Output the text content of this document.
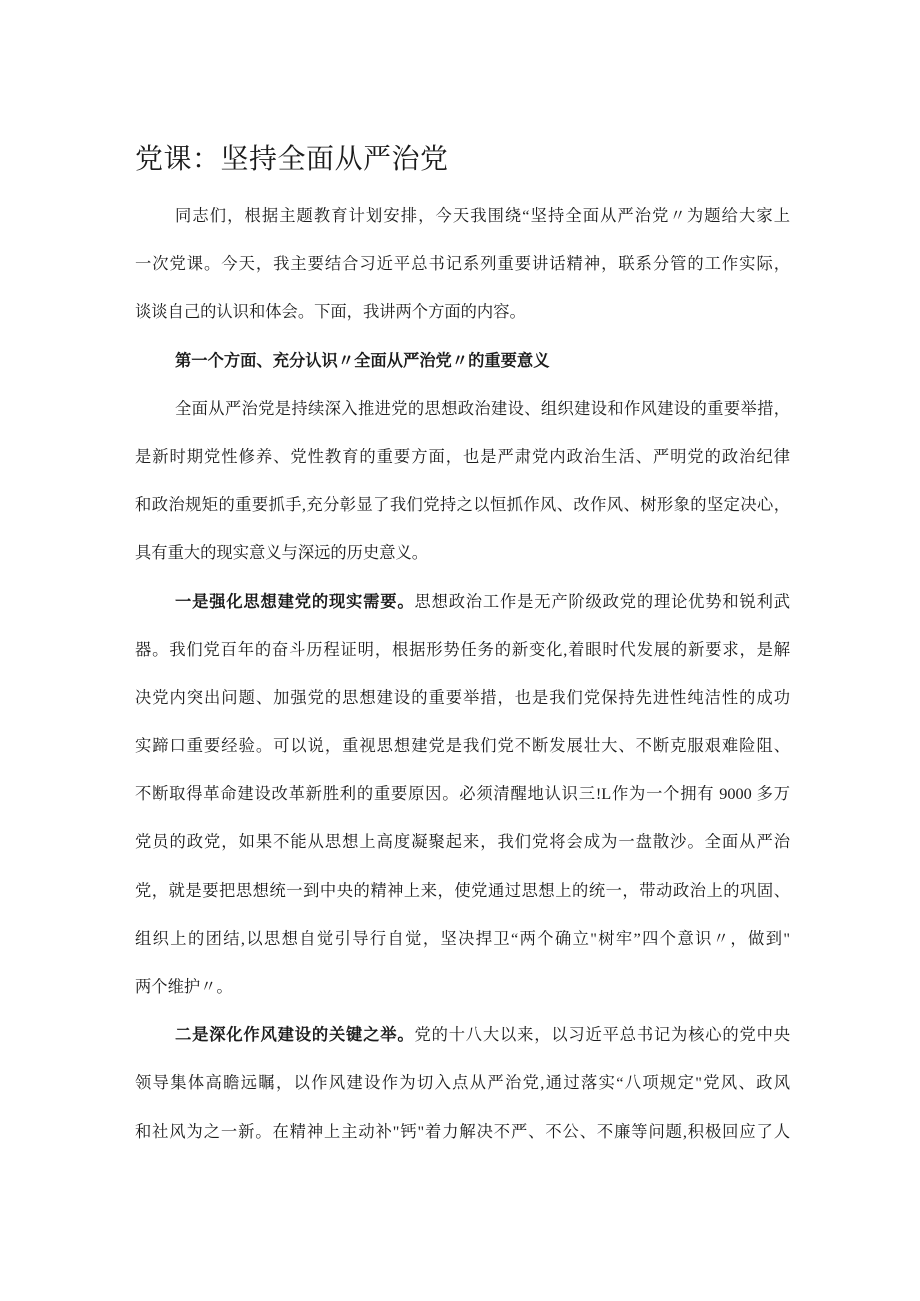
党课：坚持全面从严治党
同志们，根据主题教育计划安排，今天我围绕“坚持全面从严治党〃为题给大家上
一次党课。今天，我主要结合习近平总书记系列重要讲话精神，联系分管的工作实际，
谈谈自己的认识和体会。下面，我讲两个方面的内容。
第一个方面、充分认识〃全面从严治党〃的重要意义
全面从严治党是持续深入推进党的思想政治建设、组织建设和作风建设的重要举措，
是新时期党性修养、党性教育的重要方面，也是严肃党内政治生活、严明党的政治纪律
和政治规矩的重要抓手,充分彰显了我们党持之以恒抓作风、改作风、树形象的坚定决心，
具有重大的现实意义与深远的历史意义。
一是强化思想建党的现实需要。思想政治工作是无产阶级政党的理论优势和锐利武
器。我们党百年的奋斗历程证明，根据形势任务的新变化,着眼时代发展的新要求，是解
决党内突出问题、加强党的思想建设的重要举措，也是我们党保持先进性纯洁性的成功
实蹄口重要经验。可以说，重视思想建党是我们党不断发展壮大、不断克服艰难险阻、
不断取得革命建设改革新胜利的重要原因。必须清醒地认识三!L作为一个拥有 9000 多万
党员的政党，如果不能从思想上高度凝聚起来，我们党将会成为一盘散沙。全面从严治
党，就是要把思想统一到中央的精神上来，使党通过思想上的统一，带动政治上的巩固、
组织上的团结,以思想自觉引导行自觉，坚决捍卫“两个确立"树牢”四个意识〃，做到"
两个维护〃。
二是深化作风建设的关键之举。党的十八大以来，以习近平总书记为核心的党中央
领导集体高瞻远瞩，以作风建设作为切入点从严治党,通过落实“八项规定"党风、政风
和社风为之一新。在精神上主动补"钙"着力解决不严、不公、不廉等问题,积极回应了人
